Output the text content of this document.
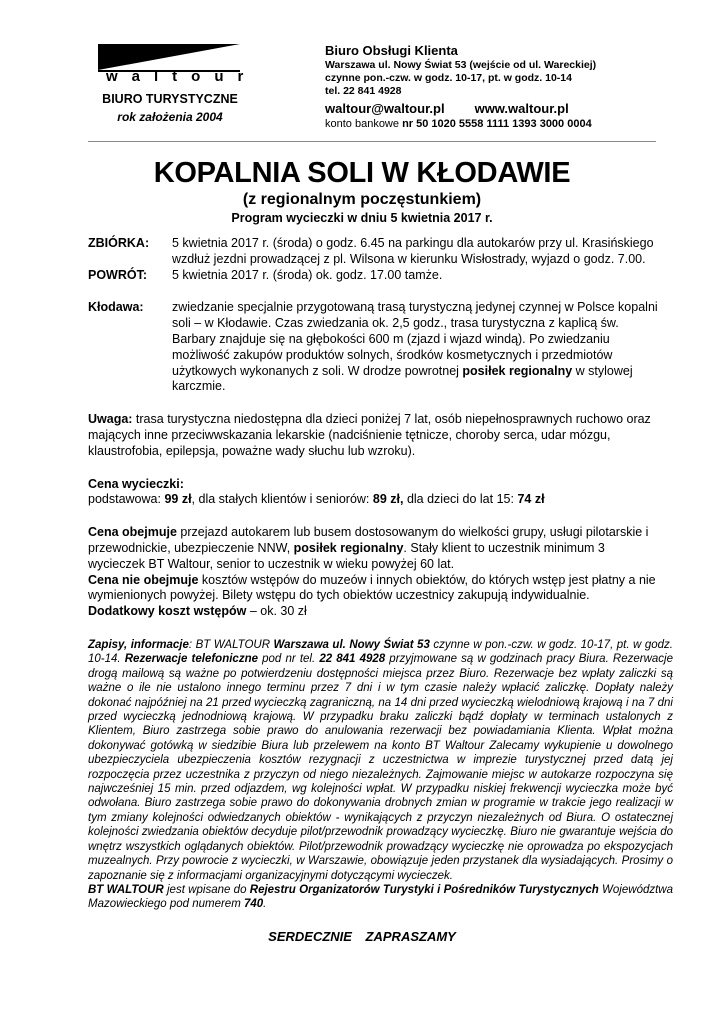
waltour
BIURO TURYSTYCZNE
rok założenia 2004
Biuro Obsługi Klienta
Warszawa ul. Nowy Świat 53 (wejście od ul. Wareckiej)
czynne pon.-czw. w godz. 10-17, pt. w godz. 10-14
tel. 22 841 4928
waltour@waltour.pl www.waltour.pl
konto bankowe nr 50 1020 5558 1111 1393 3000 0004
KOPALNIA SOLI W KŁODAWIE
(z regionalnym poczęstunkiem)
Program wycieczki w dniu 5 kwietnia 2017 r.
ZBIÓRKA:	5 kwietnia 2017 r. (środa) o godz. 6.45 na parkingu dla autokarów przy ul. Krasińskiego wzdłuż jezdni prowadzącej z pl. Wilsona w kierunku Wisłostrady, wyjazd o godz. 7.00.
POWRÓT:	5 kwietnia 2017 r. (środa) ok. godz. 17.00 tamże.
Kłodawa:	zwiedzanie specjalnie przygotowaną trasą turystyczną jedynej czynnej w Polsce kopalni soli – w Kłodawie. Czas zwiedzania ok. 2,5 godz., trasa turystyczna z kaplicą św. Barbary znajduje się na głębokości 600 m (zjazd i wjazd windą). Po zwiedzaniu możliwość zakupów produktów solnych, środków kosmetycznych i przedmiotów użytkowych wykonanych z soli. W drodze powrotnej posiłek regionalny w stylowej karczmie.

Uwaga: trasa turystyczna niedostępna dla dzieci poniżej 7 lat, osób niepełnosprawnych ruchowo oraz mających inne przeciwwskazania lekarskie (nadciśnienie tętnicze, choroby serca, udar mózgu, klaustrofobia, epilepsja, poważne wady słuchu lub wzroku).

Cena wycieczki:

podstawowa: 99 zł, dla stałych klientów i seniorów: 89 zł, dla dzieci do lat 15: 74 zł

Cena obejmuje przejazd autokarem lub busem dostosowanym do wielkości grupy, usługi pilotarskie i przewodnickie, ubezpieczenie NNW, posiłek regionalny. Stały klient to uczestnik minimum 3 wycieczek BT Waltour, senior to uczestnik w wieku powyżej 60 lat.

Cena nie obejmuje kosztów wstępów do muzeów i innych obiektów, do których wstęp jest płatny a nie wymienionych powyżej. Bilety wstępu do tych obiektów uczestnicy zakupują indywidualnie.

Dodatkowy koszt wstępów – ok. 30 zł

Zapisy, informacje: BT WALTOUR Warszawa ul. Nowy Świat 53 czynne w pon.-czw. w godz. 10-17, pt. w godz. 10-14. Rezerwacje telefoniczne pod nr tel. 22 841 4928 przyjmowane są w godzinach pracy Biura. Rezerwacje drogą mailową są ważne po potwierdzeniu dostępności miejsca przez Biuro. Rezerwacje bez wpłaty zaliczki są ważne o ile nie ustalono innego terminu przez 7 dni i w tym czasie należy wpłacić zaliczkę. Dopłaty należy dokonać najpóźniej na 21 przed wycieczką zagraniczną, na 14 dni przed wycieczką wielodniową krajową i na 7 dni przed wycieczką jednodniową krajową. W przypadku braku zaliczki bądź dopłaty w terminach ustalonych z Klientem, Biuro zastrzega sobie prawo do anulowania rezerwacji bez powiadamiania Klienta. Wpłat można dokonywać gotówką w siedzibie Biura lub przelewem na konto BT Waltour Zalecamy wykupienie u dowolnego ubezpieczyciela ubezpieczenia kosztów rezygnacji z uczestnictwa w imprezie turystycznej przed datą jej rozpoczęcia przez uczestnika z przyczyn od niego niezależnych. Zajmowanie miejsc w autokarze rozpoczyna się najwcześniej 15 min. przed odjazdem, wg kolejności wpłat. W przypadku niskiej frekwencji wycieczka może być odwołana. Biuro zastrzega sobie prawo do dokonywania drobnych zmian w programie w trakcie jego realizacji w tym zmiany kolejności odwiedzanych obiektów - wynikających z przyczyn niezależnych od Biura. O ostatecznej kolejności zwiedzania obiektów decyduje pilot/przewodnik prowadzący wycieczkę. Biuro nie gwarantuje wejścia do wnętrz wszystkich oglądanych obiektów. Pilot/przewodnik prowadzący wycieczkę nie oprowadza po ekspozycjach muzealnych. Przy powrocie z wycieczki, w Warszawie, obowiązuje jeden przystanek dla wysiadających. Prosimy o zapoznanie się z informacjami organizacyjnymi dotyczącymi wycieczek.
BT WALTOUR jest wpisane do Rejestru Organizatorów Turystyki i Pośredników Turystycznych Województwa Mazowieckiego pod numerem 740.
SERDECZNIE ZAPRASZAMY
